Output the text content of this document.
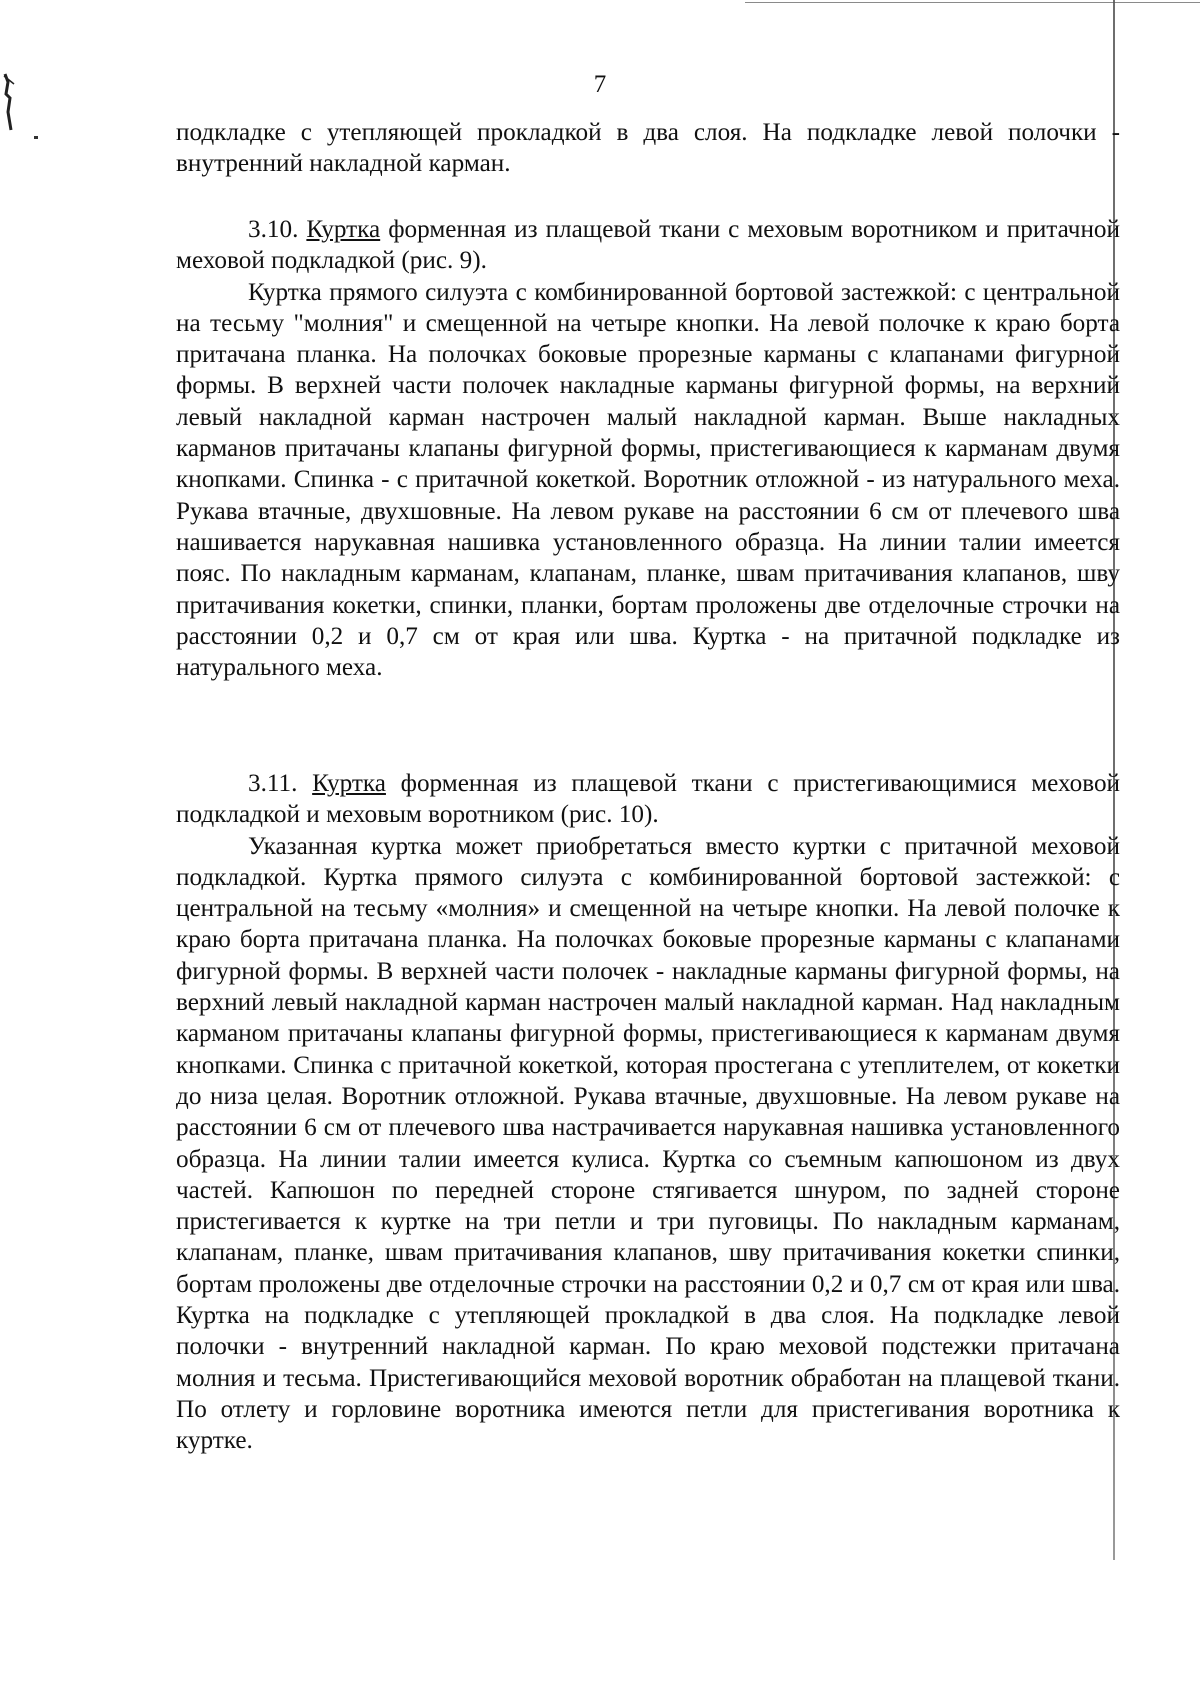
7

подкладке с утепляющей прокладкой в два слоя. На подкладке левой полочки - внутренний накладной карман.

3.10. Куртка форменная из плащевой ткани с меховым воротником и притачной меховой подкладкой (рис. 9).

Куртка прямого силуэта с комбинированной бортовой застежкой: с центральной на тесьму "молния" и смещенной на четыре кнопки. На левой полочке к краю борта притачана планка. На полочках боковые прорезные карманы с клапанами фигурной формы. В верхней части полочек накладные карманы фигурной формы, на верхний левый накладной карман настрочен малый накладной карман. Выше накладных карманов притачаны клапаны фигурной формы, пристегивающиеся к карманам двумя кнопками. Спинка - с притачной кокеткой. Воротник отложной - из натурального меха. Рукава втачные, двухшовные. На левом рукаве на расстоянии 6 см от плечевого шва нашивается нарукавная нашивка установленного образца. На линии талии имеется пояс. По накладным карманам, клапанам, планке, швам притачивания клапанов, шву притачивания кокетки, спинки, планки, бортам проложены две отделочные строчки на расстоянии 0,2 и 0,7 см от края или шва. Куртка - на притачной подкладке из натурального меха.

3.11. Куртка форменная из плащевой ткани с пристегивающимися меховой подкладкой и меховым воротником (рис. 10).

Указанная куртка может приобретаться вместо куртки с притачной меховой подкладкой. Куртка прямого силуэта с комбинированной бортовой застежкой: с центральной на тесьму «молния» и смещенной на четыре кнопки. На левой полочке к краю борта притачана планка. На полочках боковые прорезные карманы с клапанами фигурной формы. В верхней части полочек - накладные карманы фигурной формы, на верхний левый накладной карман настрочен малый накладной карман. Над накладным карманом притачаны клапаны фигурной формы, пристегивающиеся к карманам двумя кнопками. Спинка с притачной кокеткой, которая простегана с утеплителем, от кокетки до низа целая. Воротник отложной. Рукава втачные, двухшовные. На левом рукаве на расстоянии 6 см от плечевого шва настрачивается нарукавная нашивка установленного образца. На линии талии имеется кулиса. Куртка со съемным капюшоном из двух частей. Капюшон по передней стороне стягивается шнуром, по задней стороне пристегивается к куртке на три петли и три пуговицы. По накладным карманам, клапанам, планке, швам притачивания клапанов, шву притачивания кокетки спинки, бортам проложены две отделочные строчки на расстоянии 0,2 и 0,7 см от края или шва. Куртка на подкладке с утепляющей прокладкой в два слоя. На подкладке левой полочки - внутренний накладной карман. По краю меховой подстежки притачана молния и тесьма. Пристегивающийся меховой воротник обработан на плащевой ткани. По отлету и горловине воротника имеются петли для пристегивания воротника к куртке.
